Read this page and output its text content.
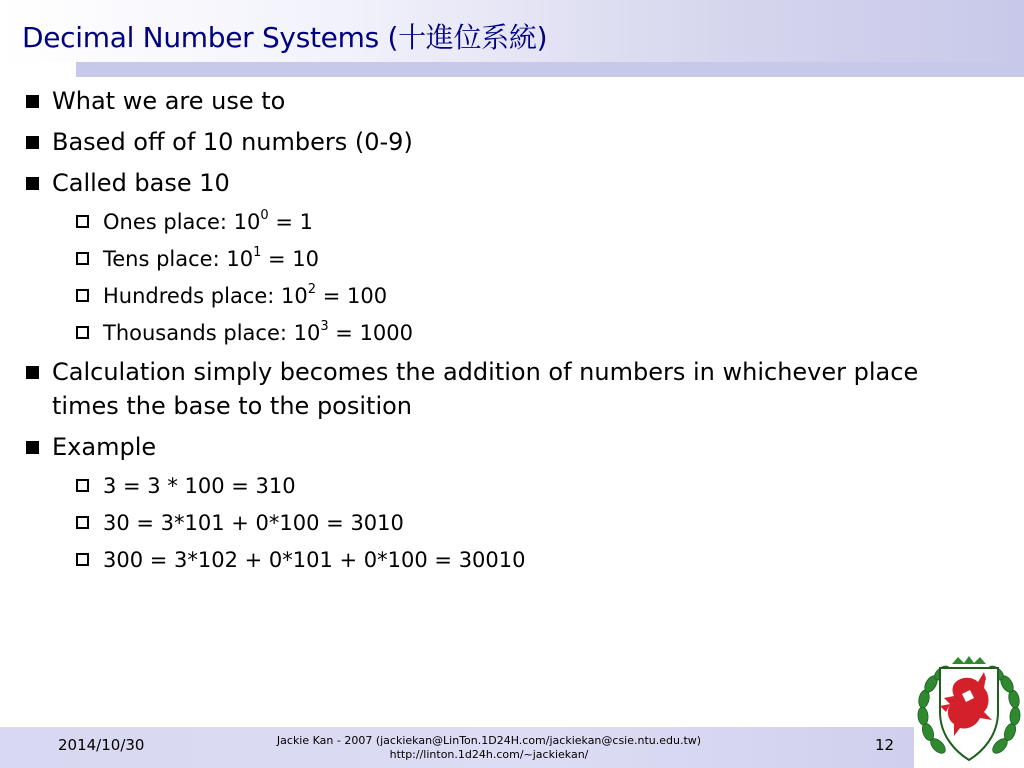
Decimal Number Systems (十進位系統)
What we are use to
Based off of 10 numbers (0-9)
Called base 10
Ones place: $10^0 = 1$
Tens place: $10^1 = 10$
Hundreds place: $10^2 = 100$
Thousands place: $10^3 = 1000$
Calculation simply becomes the addition of numbers in whichever place times the base to the position
Example
3 = 3 * 100 = 310
30 = 3*101 + 0*100 = 3010
300 = 3*102 + 0*101 + 0*100 = 30010
2014/10/30	Jackie Kan - 2007 (jackiekan@LinTon.1D24H.com/jackiekan@csie.ntu.edu.tw)
http://linton.1d24h.com/~jackiekan/
12
